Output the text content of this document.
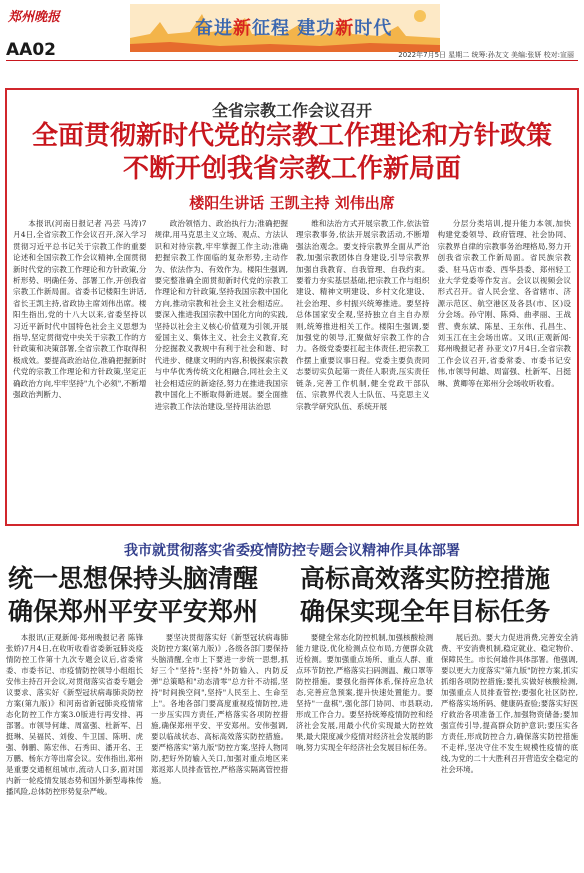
郑州晚报
AA02
奋进新征程 建功新时代
2022年7月5日 星期二 统筹:孙友文 美编:张妍 校对:宣丽
全省宗教工作会议召开
全面贯彻新时代党的宗教工作理论和方针政策
不断开创我省宗教工作新局面
楼阳生讲话 王凯主持 刘伟出席

本报讯(河南日报记者 冯芸 马涛)7月4日,全省宗教工作会议召开,深入学习贯彻习近平总书记关于宗教工作的重要论述和全国宗教工作会议精神,全面贯彻新时代党的宗教工作理论和方针政策,分析形势、明确任务、部署工作,开创我省宗教工作新局面。省委书记楼阳生讲话,省长王凯主持,省政协主席刘伟出席。楼阳生指出,党的十八大以来,省委坚持以习近平新时代中国特色社会主义思想为指导,坚定贯彻党中央关于宗教工作的方针政策和决策部署,全省宗教工作取得积极成效。要提高政治站位,准确把握新时代党的宗教工作理论和方针政策,坚定正确政治方向,牢牢坚持"九个必须",不断增强政治判断力、

政治领悟力、政治执行力;准确把握规律,用马克思主义立场、观点、方法认识和对待宗教,牢牢掌握工作主动;准确把握宗教工作面临的复杂形势,主动作为、依法作为、有效作为。楼阳生强调,要完整准确全面贯彻新时代党的宗教工作理论和方针政策,坚持我国宗教中国化方向,推动宗教和社会主义社会相适应。要深入推进我国宗教中国化方向的实践,坚持以社会主义核心价值观为引领,开展爱国主义、集体主义、社会主义教育,充分挖掘教义教规中有利于社会和谐、时代进步、健康文明的内容,积极探索宗教与中华优秀传统文化相融合,同社会主义社会相适应的新途径,努力在推进我国宗教中国化上不断取得新进展。要全面推进宗教工作法治建设,坚持用法治思

维和法治方式开展宗教工作,依法管理宗教事务,依法开展宗教活动,不断增强法治观念。要支持宗教界全面从严治教,加强宗教团体自身建设,引导宗教界加强自我教育、自我管理、自我约束。要着力夯实基层基础,把宗教工作与组织建设、精神文明建设、乡村文化建设、社会治理、乡村振兴统筹推进。要坚持总体国家安全观,坚持独立自主自办原则,统筹推进相关工作。楼阳生强调,要加强党的领导,汇聚做好宗教工作的合力。各级党委要扛起主体责任,把宗教工作摆上重要议事日程。党委主要负责同志要切实负起第一责任人职责,压实责任链条,完善工作机制,健全党政干部队伍、宗教界代表人士队伍、马克思主义宗教学研究队伍、系统开展

分层分类培训,提升能力本领,加快构建党委领导、政府管理、社会协同、宗教界自律的宗教事务治理格局,努力开创我省宗教工作新局面。省民族宗教委、驻马店市委、西华县委、郑州轻工业大学党委等作发言。会议以视频会议形式召开。省人民会堂、各省辖市、济源示范区、航空港区及各县(市、区)设分会场。孙守刚、陈舜、曲孝丽、王战营、费东斌、陈星、王东伟、孔昌生、刘玉江在主会场出席。又讯(正观新闻·郑州晚报记者 孙亚文)7月4日,全省宗教工作会议召开,省委常委、市委书记安伟,市领导何雄、周富强、杜新军、吕挺琳、黄卿等在郑州分会场收听收看。

我市就贯彻落实省委疫情防控专题会议精神作具体部署
统一思想保持头脑清醒
确保郑州平安平安郑州
高标高效落实防控措施
确保实现全年目标任务

本报讯(正观新闻·郑州晚报记者 陈锋 张娇)7月4日,在收听收看省委新冠肺炎疫情防控工作第十九次专题会议后,省委常委、市委书记、市疫情防控领导小组组长安伟主持召开会议,对贯彻落实省委专题会议要求、落实好《新型冠状病毒肺炎防控方案(第九版)》和河南省新冠肺炎疫情常态化防控工作方案3.0版进行再安排、再部署。市领导何雄、周富强、杜新军、吕挺琳、吴福民、刘俊、牛卫国、陈明、虎强、韩鹏、陈宏伟、石秀田、潘开名、王万鹏、杨东方等出席会议。安伟指出,郑州是重要交通枢纽城市,流动人口多,面对国内新一轮疫情发展态势和国外新型毒株传播风险,总体防控形势复杂严峻。

要坚决贯彻落实好《新型冠状病毒肺炎防控方案(第九版)》,各级各部门要保持头脑清醒,全市上下要进一步统一思想,抓好三个"坚持":坚持"外防输入、内防反弹"总策略和"动态清零"总方针不动摇,坚持"时间换空间",坚持"人民至上、生命至上"。各地各部门要高度重视疫情防控,进一步压实四方责任,严格落实各项防控措施,确保郑州平安、平安郑州。安伟强调,要以临战状态、高标高效落实防控措施。要严格落实"第九版"防控方案,坚持人物同防,把好外防输入关口,加强对重点地区来郑返郑人员排查管控,严格落实隔离管控措施。

要健全常态化防控机制,加强核酸检测能力建设,优化检测点位布局,方便群众就近检测。要加强重点场所、重点人群、重点环节防控,严格落实扫码测温、戴口罩等防控措施。要强化指挥体系,保持应急状态,完善应急预案,提升快速处置能力。要坚持"一盘棋",强化部门协同、市县联动,形成工作合力。要坚持统筹疫情防控和经济社会发展,用最小代价实现最大防控效果,最大限度减少疫情对经济社会发展的影响,努力实现全年经济社会发展目标任务。

展后劲。要大力促进消费,完善安全消费、平安消费机制,稳定就业、稳定物价、保障民生。市长何雄作具体部署。他强调,要以更大力度落实"第九版"防控方案,抓实抓细各项防控措施;要扎实做好核酸检测,加强重点人员排查管控;要强化社区防控,严格落实场所码、健康码查验;要落实好医疗救治各项准备工作,加强物资储备;要加强宣传引导,提高群众防护意识;要压实各方责任,形成防控合力,确保落实防控措施不走样,坚决守住不发生规模性疫情的底线,为党的二十大胜利召开营造安全稳定的社会环境。
